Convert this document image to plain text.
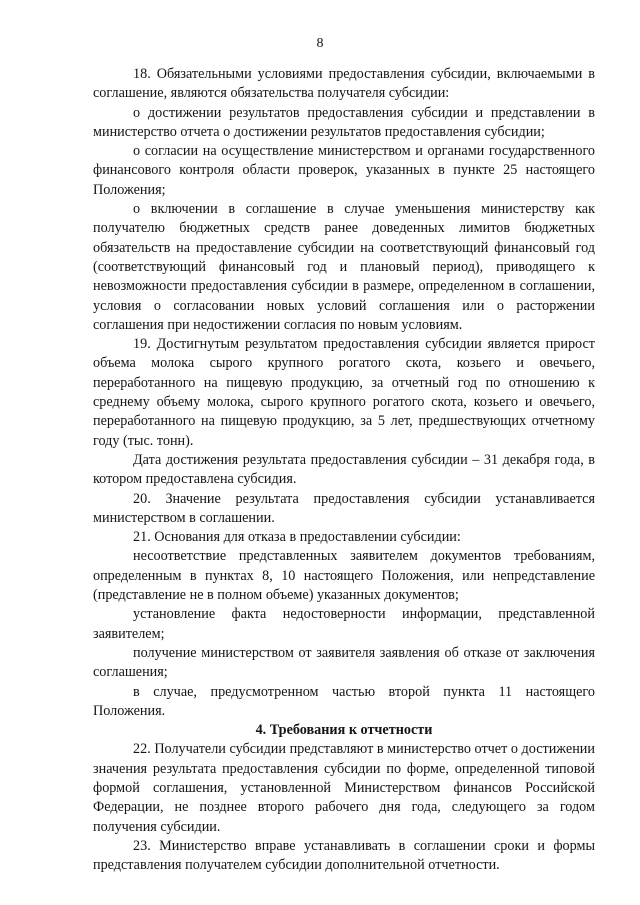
8

18. Обязательными условиями предоставления субсидии, включаемыми в соглашение, являются обязательства получателя субсидии:

о достижении результатов предоставления субсидии и представлении в министерство отчета о достижении результатов предоставления субсидии;

о согласии на осуществление министерством и органами государственного финансового контроля области проверок, указанных в пункте 25 настоящего Положения;

о включении в соглашение в случае уменьшения министерству как получателю бюджетных средств ранее доведенных лимитов бюджетных обязательств на предоставление субсидии на соответствующий финансовый год (соответствующий финансовый год и плановый период), приводящего к невозможности предоставления субсидии в размере, определенном в соглашении, условия о согласовании новых условий соглашения или о расторжении соглашения при недостижении согласия по новым условиям.

19. Достигнутым результатом предоставления субсидии является прирост объема молока сырого крупного рогатого скота, козьего и овечьего, переработанного на пищевую продукцию, за отчетный год по отношению к среднему объему молока, сырого крупного рогатого скота, козьего и овечьего, переработанного на пищевую продукцию, за 5 лет, предшествующих отчетному году (тыс. тонн).

Дата достижения результата предоставления субсидии – 31 декабря года, в котором предоставлена субсидия.

20. Значение результата предоставления субсидии устанавливается министерством в соглашении.

21. Основания для отказа в предоставлении субсидии:

несоответствие представленных заявителем документов требованиям, определенным в пунктах 8, 10 настоящего Положения, или непредставление (представление не в полном объеме) указанных документов;

установление факта недостоверности информации, представленной заявителем;

получение министерством от заявителя заявления об отказе от заключения соглашения;

в случае, предусмотренном частью второй пункта 11 настоящего Положения.

4. Требования к отчетности

22. Получатели субсидии представляют в министерство отчет о достижении значения результата предоставления субсидии по форме, определенной типовой формой соглашения, установленной Министерством финансов Российской Федерации, не позднее второго рабочего дня года, следующего за годом получения субсидии.

23. Министерство вправе устанавливать в соглашении сроки и формы представления получателем субсидии дополнительной отчетности.
